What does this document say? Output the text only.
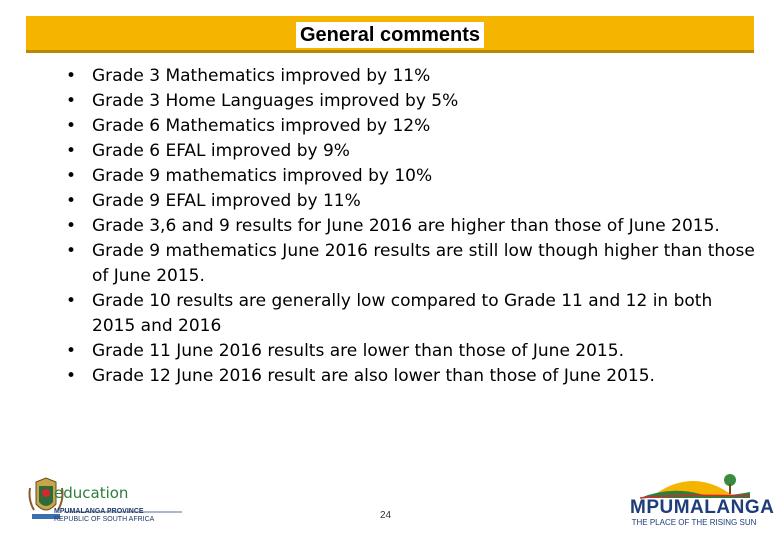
General comments
• Grade 3 Mathematics improved by 11%
• Grade 3 Home Languages improved by 5%
• Grade 6 Mathematics improved by 12%
• Grade 6 EFAL improved by 9%
• Grade 9 mathematics improved by 10%
• Grade 9 EFAL improved by 11%
• Grade 3,6 and 9 results for June 2016 are higher than those of June 2015.
• Grade 9 mathematics June 2016 results are still low though higher than those of June 2015.
• Grade 10 results are generally low compared to Grade 11 and 12 in both 2015 and 2016
• Grade 11 June 2016 results are lower than those of June 2015.
• Grade 12 June 2016 result are also lower than those of June 2015.
education
MPUMALANGA PROVINCE
REPUBLIC OF SOUTH AFRICA	24	MPUMALANGA
THE PLACE OF THE RISING SUN
